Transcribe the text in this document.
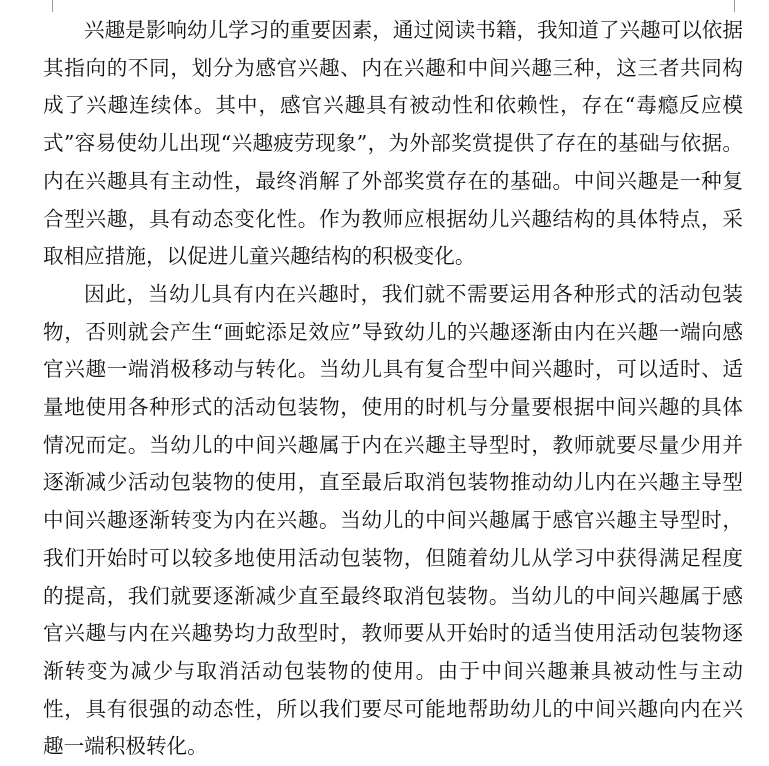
兴趣是影响幼儿学习的重要因素，通过阅读书籍，我知道了兴趣可以依据其指向的不同，划分为感官兴趣、内在兴趣和中间兴趣三种，这三者共同构成了兴趣连续体。其中，感官兴趣具有被动性和依赖性，存在“毒瘾反应模式”容易使幼儿出现“兴趣疲劳现象”，为外部奖赏提供了存在的基础与依据。内在兴趣具有主动性，最终消解了外部奖赏存在的基础。中间兴趣是一种复合型兴趣，具有动态变化性。作为教师应根据幼儿兴趣结构的具体特点，采取相应措施，以促进儿童兴趣结构的积极变化。

因此，当幼儿具有内在兴趣时，我们就不需要运用各种形式的活动包装物，否则就会产生“画蛇添足效应”导致幼儿的兴趣逐渐由内在兴趣一端向感官兴趣一端消极移动与转化。当幼儿具有复合型中间兴趣时，可以适时、适量地使用各种形式的活动包装物，使用的时机与分量要根据中间兴趣的具体情况而定。当幼儿的中间兴趣属于内在兴趣主导型时，教师就要尽量少用并逐渐减少活动包装物的使用，直至最后取消包装物推动幼儿内在兴趣主导型中间兴趣逐渐转变为内在兴趣。当幼儿的中间兴趣属于感官兴趣主导型时，我们开始时可以较多地使用活动包装物，但随着幼儿从学习中获得满足程度的提高，我们就要逐渐减少直至最终取消包装物。当幼儿的中间兴趣属于感官兴趣与内在兴趣势均力敌型时，教师要从开始时的适当使用活动包装物逐渐转变为减少与取消活动包装物的使用。由于中间兴趣兼具被动性与主动性，具有很强的动态性，所以我们要尽可能地帮助幼儿的中间兴趣向内在兴趣一端积极转化。
